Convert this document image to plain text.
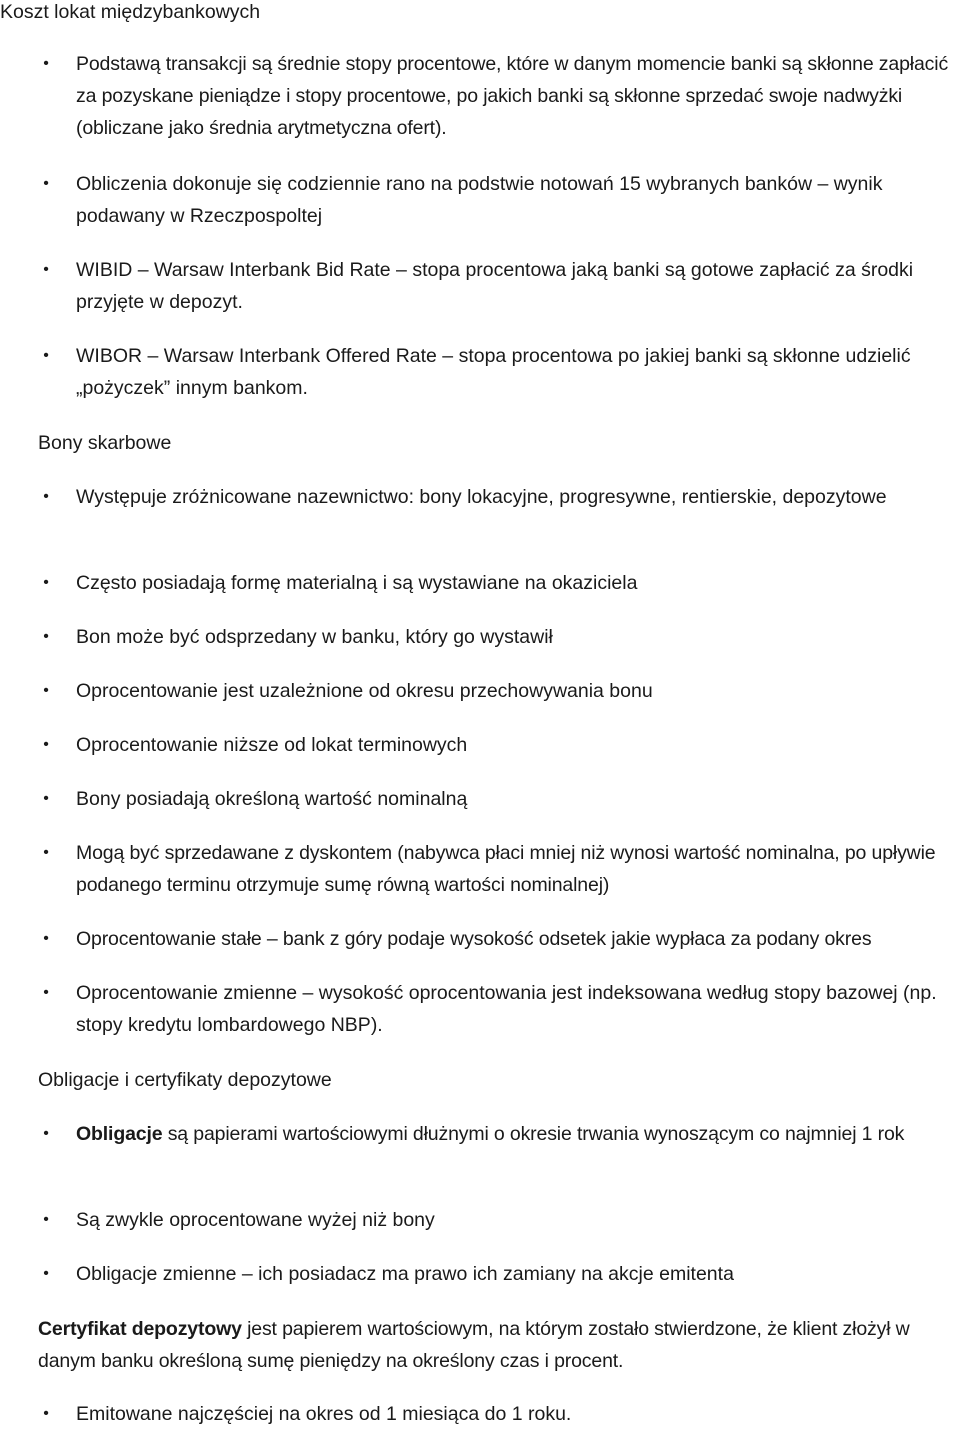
Koszt lokat międzybankowych
• Podstawą transakcji są średnie stopy procentowe, które w danym momencie banki są skłonne zapłacić za pozyskane pieniądze i stopy procentowe, po jakich banki są skłonne sprzedać swoje nadwyżki (obliczane jako średnia arytmetyczna ofert).

• Obliczenia dokonuje się codziennie rano na podstwie notowań 15 wybranych banków – wynik podawany w Rzeczpospoltej

• WIBID – Warsaw Interbank Bid Rate – stopa procentowa jaką banki są gotowe zapłacić za środki przyjęte w depozyt.

• WIBOR – Warsaw Interbank Offered Rate – stopa procentowa po jakiej banki są skłonne udzielić „pożyczek” innym bankom.

Bony skarbowe
• Występuje zróżnicowane nazewnictwo: bony lokacyjne, progresywne, rentierskie, depozytowe

• Często posiadają formę materialną i są wystawiane na okaziciela

• Bon może być odsprzedany w banku, który go wystawił

• Oprocentowanie jest uzależnione od okresu przechowywania bonu

• Oprocentowanie niższe od lokat terminowych

• Bony posiadają określoną wartość nominalną

• Mogą być sprzedawane z dyskontem (nabywca płaci mniej niż wynosi wartość nominalna, po upływie podanego terminu otrzymuje sumę równą wartości nominalnej)

• Oprocentowanie stałe – bank z góry podaje wysokość odsetek jakie wypłaca za podany okres

• Oprocentowanie zmienne – wysokość oprocentowania jest indeksowana według stopy bazowej (np. stopy kredytu lombardowego NBP).

Obligacje i certyfikaty depozytowe
• Obligacje są papierami wartościowymi dłużnymi o okresie trwania wynoszącym co najmniej 1 rok

• Są zwykle oprocentowane wyżej niż bony

• Obligacje zmienne – ich posiadacz ma prawo ich zamiany na akcje emitenta

Certyfikat depozytowy jest papierem wartościowym, na którym zostało stwierdzone, że klient złożył w danym banku określoną sumę pieniędzy na określony czas i procent.

• Emitowane najczęściej na okres od 1 miesiąca do 1 roku.
